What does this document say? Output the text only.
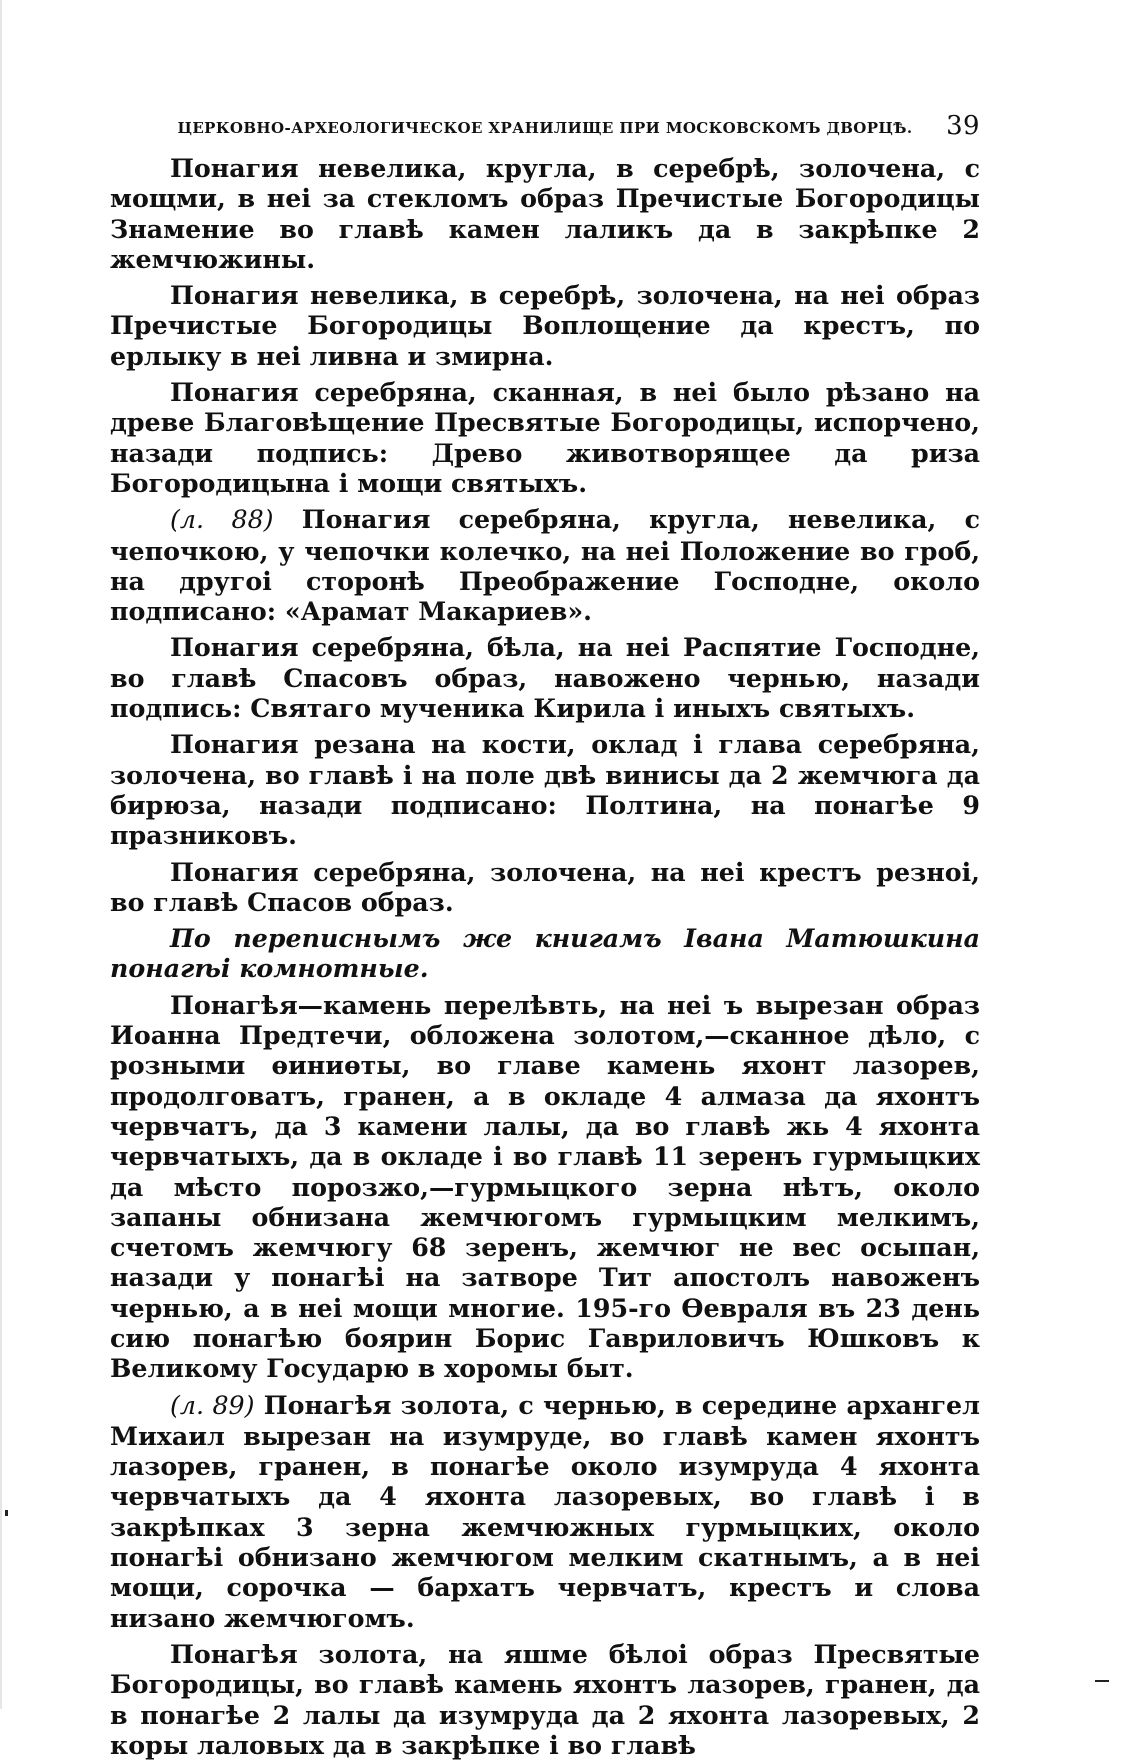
ЦЕРКОВНО-АРХЕОЛОГИЧЕСКОЕ ХРАНИЛИЩЕ ПРИ МОСКОВСКОМЪ ДВОРЦѢ. 39

Понагия невелика, кругла, в серебрѣ, золочена, с мощми, в неі за стекломъ образ Пречистые Богородицы Знамение во главѣ камен лаликъ да в закрѣпке 2 жемчюжины.

Понагия невелика, в серебрѣ, золочена, на неі образ Пречистые Богородицы Воплощение да крестъ, по ерлыку в неі ливна и змирна.

Понагия серебряна, сканная, в неі было рѣзано на древе Благовѣщение Пресвятые Богородицы, испорчено, назади подпись: Древо животворящее да риза Богородицына і мощи святыхъ.

(л. 88) Понагия серебряна, кругла, невелика, с чепочкою, у чепочки колечко, на неі Положение во гроб, на другоі сторонѣ Преображение Господне, около подписано: «Арамат Макариев».

Понагия серебряна, бѣла, на неі Распятие Господне, во главѣ Спасовъ образ, навожено чернью, назади подпись: Святаго мученика Кирила і иныхъ святыхъ.

Понагия резана на кости, оклад і глава серебряна, золочена, во главѣ і на поле двѣ винисы да 2 жемчюга да бирюза, назади подписано: Полтина, на понагѣе 9 празниковъ.

Понагия серебряна, золочена, на неі крестъ резноі, во главѣ Спасов образ.

По переписнымъ же книгамъ Івана Матюшкина понагѣі комнотные.

Понагѣя—камень перелѣвть, на неі ъ вырезан образ Иоанна Предтечи, обложена золотом,—сканное дѣло, с розными ѳиниѳты, во главе камень яхонт лазорев, продолговатъ, гранен, а в окладе 4 алмаза да яхонтъ червчатъ, да 3 камени лалы, да во главѣ жь 4 яхонта червчатыхъ, да в окладе і во главѣ 11 зеренъ гурмыцких да мѣсто порозжо,—гурмыцкого зерна нѣтъ, около запаны обнизана жемчюгомъ гурмыцким мелкимъ, счетомъ жемчюгу 68 зеренъ, жемчюг не вес осыпан, назади у понагѣі на затворе Тит апостолъ навоженъ чернью, а в неі мощи многие. 195-го Ѳевраля въ 23 день сию понагѣю боярин Борис Гавриловичъ Юшковъ к Великому Государю в хоромы быт.

(л. 89) Понагѣя золота, с чернью, в середине архангел Михаил вырезан на изумруде, во главѣ камен яхонтъ лазорев, гранен, в понагѣе около изумруда 4 яхонта червчатыхъ да 4 яхонта лазоревых, во главѣ і в закрѣпках 3 зерна жемчюжных гурмыцких, около понагѣі обнизано жемчюгом мелким скатнымъ, а в неі мощи, сорочка — бархатъ червчатъ, крестъ и слова низано жемчюгомъ.

Понагѣя золота, на яшме бѣлоі образ Пресвятые Богородицы, во главѣ камень яхонтъ лазорев, гранен, да в понагѣе 2 лалы да изумруда да 2 яхонта лазоревых, 2 коры лаловых да в закрѣпке і во главѣ
